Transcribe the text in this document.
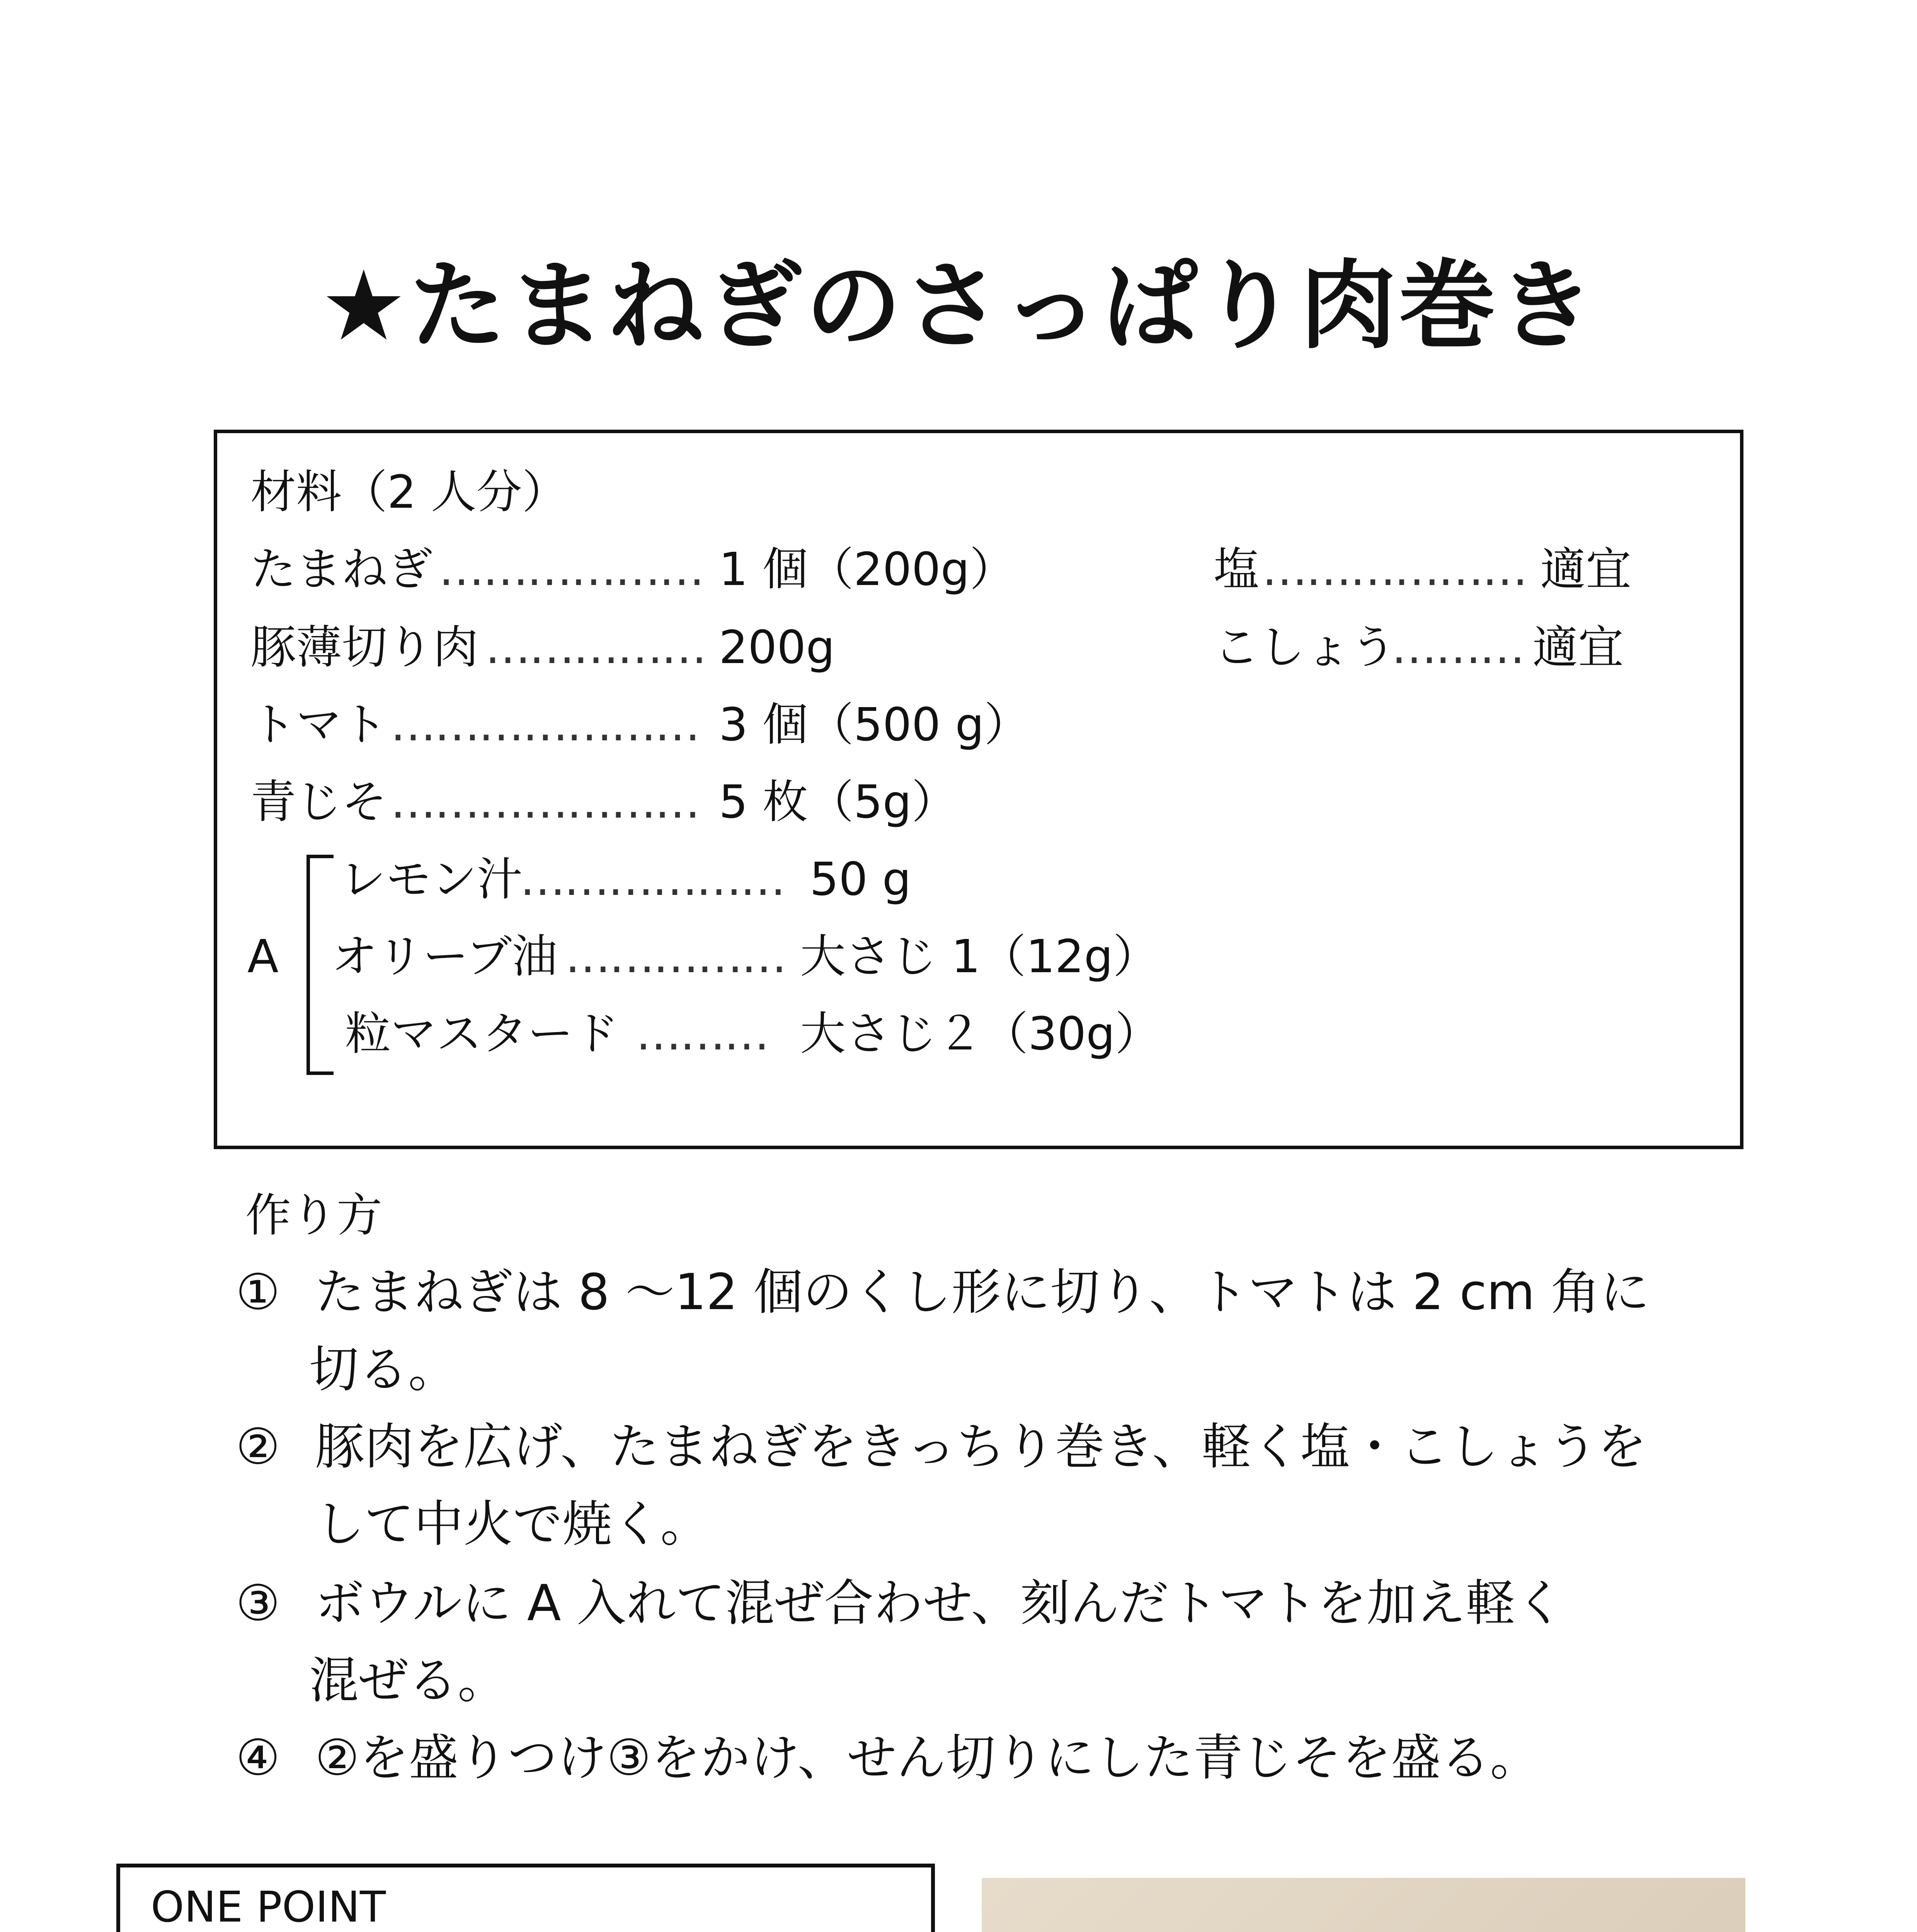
★たまねぎのさっぱり肉巻き
材料（2 人分）
たまねぎ ……………… 1 個（200g）
豚薄切り肉 …………… 200g
トマト ………………… 3 個（500 g）
青じそ ………………… 5 枚（5g）
塩 ……………… 適宜
こしょう
……… 適宜
A
レモン汁
……………… 50 g
オリーブ油 …………… 大さじ 1（12g）
粒マスタード ……… 大さじ２（30g）
作り方
① たまねぎは 8 〜12 個のくし形に切り、トマトは 2 cm 角に
切る。
② 豚肉を広げ、たまねぎをきっちり巻き、軽く塩・こしょうを
して中火で焼く。
③ ボウルに A 入れて混ぜ合わせ、刻んだトマトを加え軽く
混ぜる。
④ ②を盛りつけ③をかけ、せん切りにした青じそを盛る。
ONE POINT
